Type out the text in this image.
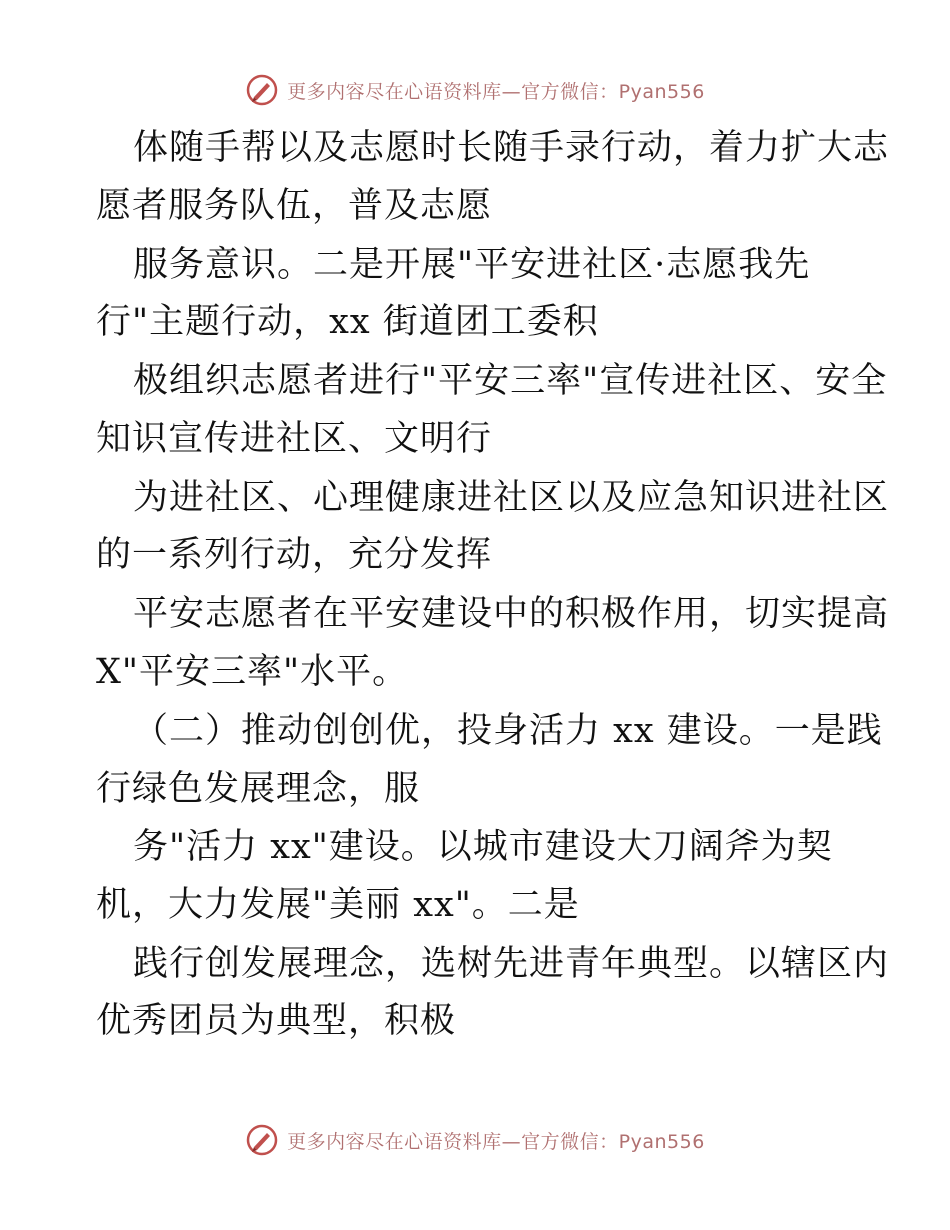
更多内容尽在心语资料库—官方微信：Pyan556
体随手帮以及志愿时长随手录行动，着力扩大志
愿者服务队伍，普及志愿
服务意识。二是开展"平安进社区·志愿我先
行"主题行动，xx 街道团工委积
极组织志愿者进行"平安三率"宣传进社区、安全
知识宣传进社区、文明行
为进社区、心理健康进社区以及应急知识进社区
的一系列行动，充分发挥
平安志愿者在平安建设中的积极作用，切实提高
X"平安三率"水平。
（二）推动创创优，投身活力 xx 建设。一是践
行绿色发展理念，服
务"活力 xx"建设。以城市建设大刀阔斧为契
机，大力发展"美丽 xx"。二是
践行创发展理念，选树先进青年典型。以辖区内
优秀团员为典型，积极
更多内容尽在心语资料库—官方微信：Pyan556
